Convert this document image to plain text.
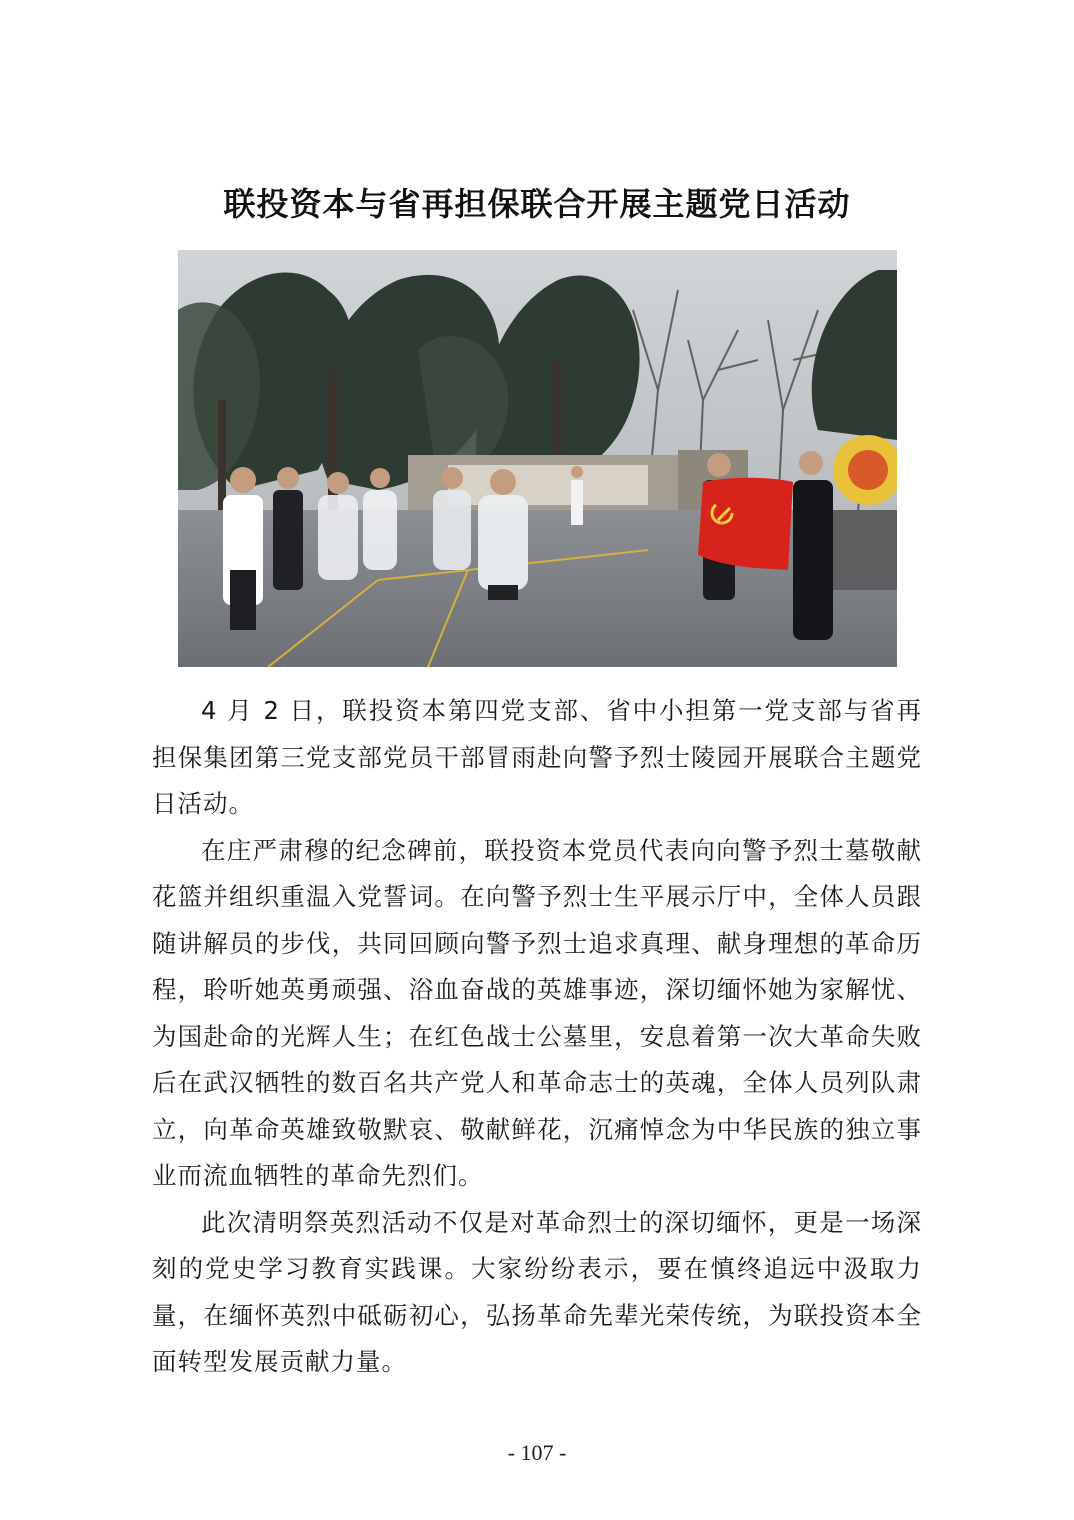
联投资本与省再担保联合开展主题党日活动

4 月 2 日，联投资本第四党支部、省中小担第一党支部与省再担保集团第三党支部党员干部冒雨赴向警予烈士陵园开展联合主题党日活动。

在庄严肃穆的纪念碑前，联投资本党员代表向向警予烈士墓敬献花篮并组织重温入党誓词。在向警予烈士生平展示厅中，全体人员跟随讲解员的步伐，共同回顾向警予烈士追求真理、献身理想的革命历程，聆听她英勇顽强、浴血奋战的英雄事迹，深切缅怀她为家解忧、为国赴命的光辉人生；在红色战士公墓里，安息着第一次大革命失败后在武汉牺牲的数百名共产党人和革命志士的英魂，全体人员列队肃立，向革命英雄致敬默哀、敬献鲜花，沉痛悼念为中华民族的独立事业而流血牺牲的革命先烈们。

此次清明祭英烈活动不仅是对革命烈士的深切缅怀，更是一场深刻的党史学习教育实践课。大家纷纷表示，要在慎终追远中汲取力量，在缅怀英烈中砥砺初心，弘扬革命先辈光荣传统，为联投资本全面转型发展贡献力量。

- 107 -
